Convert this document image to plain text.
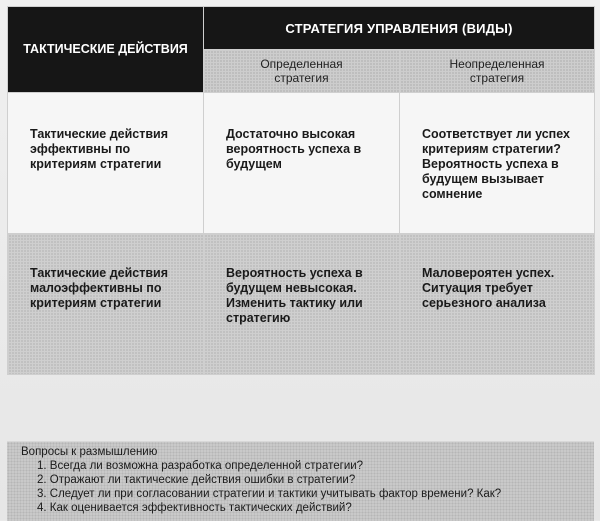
ТАКТИЧЕСКИЕ ДЕЙСТВИЯ	СТРАТЕГИЯ УПРАВЛЕНИЯ (ВИДЫ)	

	Определенная стратегия	Неопределенная стратегия

Тактические действия эффективны по критериям стратегии	Достаточно высокая вероятность успеха в будущем	Соответствует ли успех критериям стратегии? Вероятность успеха в будущем вызывает сомнение

Тактические действия малоэффективны по критериям стратегии	Вероятность успеха в будущем невысокая. Изменить тактику или стратегию	Маловероятен успех. Ситуация требует серьезного анализа
Вопросы к размышлению
1. Всегда ли возможна разработка определенной стратегии?
2. Отражают ли тактические действия ошибки в стратегии?
3. Следует ли при согласовании стратегии и тактики учитывать фактор времени? Как?
4. Как оценивается эффективность тактических действий?
